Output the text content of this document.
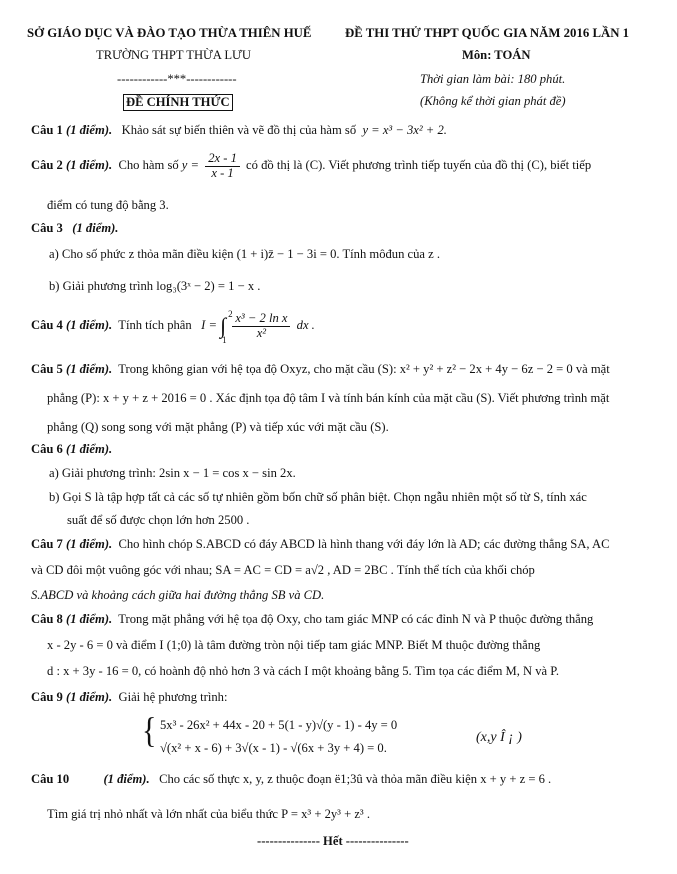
SỞ GIÁO DỤC VÀ ĐÀO TẠO THỪA THIÊN HUẾ
TRƯỜNG THPT THỪA LƯU
------------***------------
ĐỀ CHÍNH THỨC
ĐỀ THI THỬ THPT QUỐC GIA NĂM 2016 LẦN 1
Môn: TOÁN
Thời gian làm bài: 180 phút.
(Không kể thời gian phát đề)
Câu 1 (1 điểm). Khảo sát sự biến thiên và vẽ đồ thị của hàm số y = x³ − 3x² + 2.
Câu 2 (1 điểm). Cho hàm số $y = \frac{2x - 1}{x - 1}$ có đồ thị là (C). Viết phương trình tiếp tuyến của đồ thị (C), biết tiếp
điểm có tung độ bằng 3.
Câu 3 (1 điểm).
a) Cho số phức z thỏa mãn điều kiện (1 + i)z̄ − 1 − 3i = 0. Tính môđun của z .
b) Giải phương trình log₃(3ˣ − 2) = 1 − x .
Câu 4 (1 điểm). Tính tích phân I = ∫ 2
1
$\frac{\text{x³ − 2 ln x}}{\text{x²}}$ dx .
Câu 5 (1 điểm). Trong không gian với hệ tọa độ Oxyz, cho mặt cầu (S): x² + y² + z² − 2x + 4y − 6z − 2 = 0 và mặt
phẳng (P): x + y + z + 2016 = 0 . Xác định tọa độ tâm I và tính bán kính của mặt cầu (S). Viết phương trình mặt
phẳng (Q) song song với mặt phẳng (P) và tiếp xúc với mặt cầu (S).
Câu 6 (1 điểm).
a) Giải phương trình: 2sin x − 1 = cos x − sin 2x.
b) Gọi S là tập hợp tất cả các số tự nhiên gồm bốn chữ số phân biệt. Chọn ngẫu nhiên một số từ S, tính xác
suất để số được chọn lớn hơn 2500 .
Câu 7 (1 điểm). Cho hình chóp S.ABCD có đáy ABCD là hình thang với đáy lớn là AD; các đường thẳng SA, AC
và CD đôi một vuông góc với nhau; SA = AC = CD = a√2 , AD = 2BC . Tính thể tích của khối chóp
S.ABCD và khoảng cách giữa hai đường thẳng SB và CD.
Câu 8 (1 điểm). Trong mặt phẳng với hệ tọa độ Oxy, cho tam giác MNP có các đỉnh N và P thuộc đường thẳng
x - 2y - 6 = 0 và điểm I (1;0) là tâm đường tròn nội tiếp tam giác MNP. Biết M thuộc đường thẳng
d : x + 3y - 16 = 0, có hoành độ nhỏ hơn 3 và cách I một khoảng bằng 5. Tìm tọa các điểm M, N và P.
Câu 9 (1 điểm). Giải hệ phương trình:
{ 5x³ - 26x² + 44x - 20 + 5(1 - y)√(y - 1) - 4y = 0
√(x² + x - 6) + 3√(x - 1) - √(6x + 3y + 4) = 0.
(x,y Î ¡ )
Câu 10	(1 điểm). Cho các số thực x, y, z thuộc đoạn ë1;3û và thỏa mãn điều kiện x + y + z = 6 .
Tìm giá trị nhỏ nhất và lớn nhất của biểu thức P = x³ + 2y³ + z³ .
--------------- Hết ---------------
